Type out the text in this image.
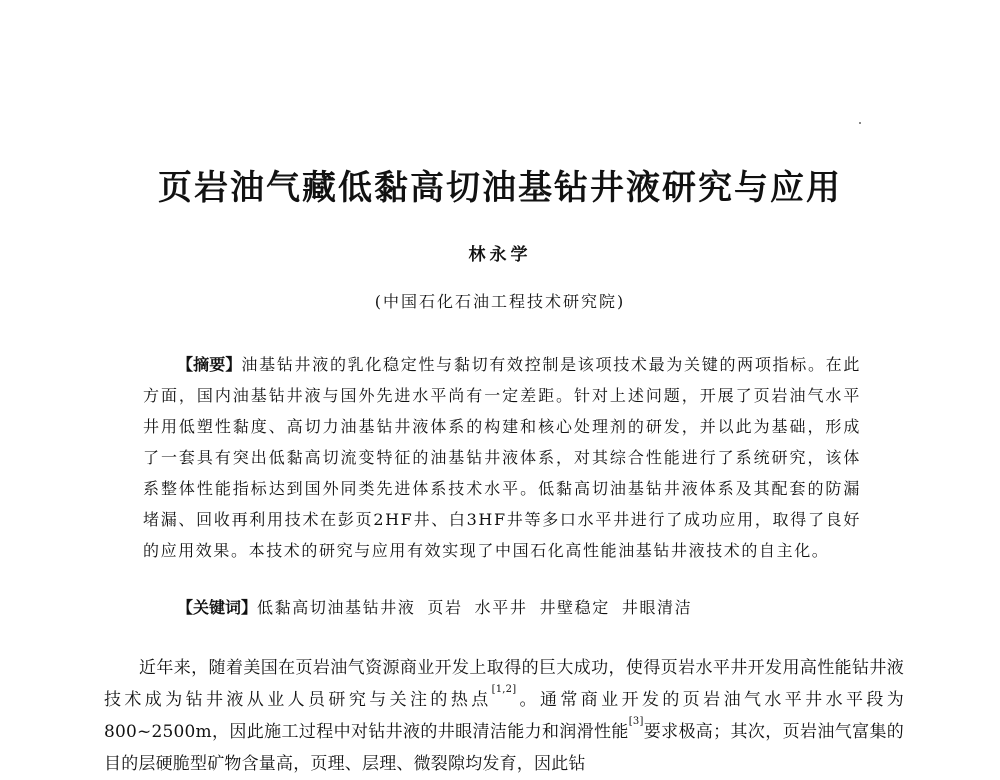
页岩油气藏低黏高切油基钻井液研究与应用
林永学
(中国石化石油工程技术研究院)
【摘要】油基钻井液的乳化稳定性与黏切有效控制是该项技术最为关键的两项指标。在此方面，国内油基钻井液与国外先进水平尚有一定差距。针对上述问题，开展了页岩油气水平井用低塑性黏度、高切力油基钻井液体系的构建和核心处理剂的研发，并以此为基础，形成了一套具有突出低黏高切流变特征的油基钻井液体系，对其综合性能进行了系统研究，该体系整体性能指标达到国外同类先进体系技术水平。低黏高切油基钻井液体系及其配套的防漏堵漏、回收再利用技术在彭页2HF井、白3HF井等多口水平井进行了成功应用，取得了良好的应用效果。本技术的研究与应用有效实现了中国石化高性能油基钻井液技术的自主化。
【关键词】低黏高切油基钻井液 页岩 水平井 井壁稳定 井眼清洁
近年来，随着美国在页岩油气资源商业开发上取得的巨大成功，使得页岩水平井开发用高性能钻井液技术成为钻井液从业人员研究与关注的热点[1,2]。通常商业开发的页岩油气水平井水平段为800~2500m，因此施工过程中对钻井液的井眼清洁能力和润滑性能[3]要求极高；其次，页岩油气富集的目的层硬脆型矿物含量高，页理、层理、微裂隙均发育，因此钻
